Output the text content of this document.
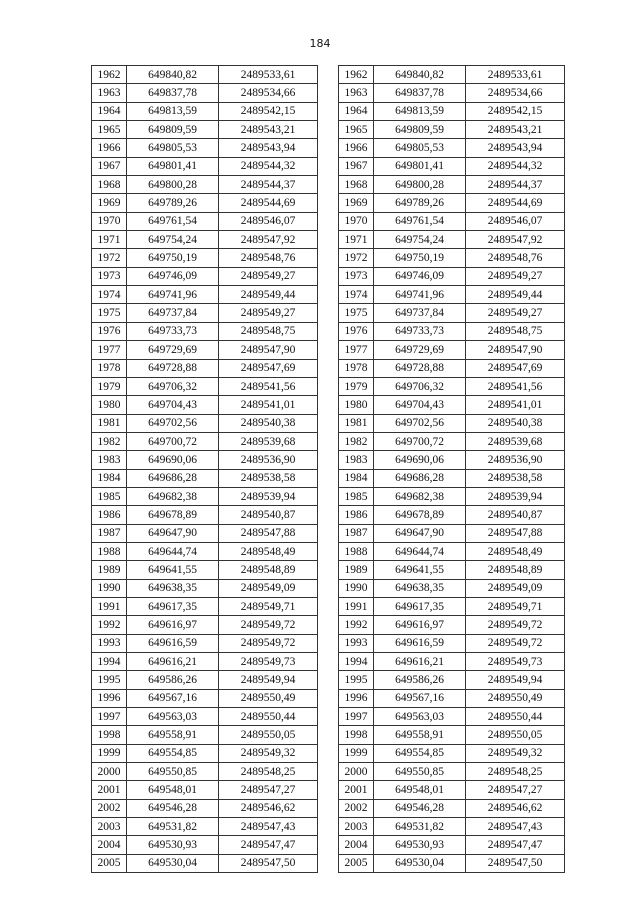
184
1962	649840,82	2489533,61
1963	649837,78	2489534,66
1964	649813,59	2489542,15
1965	649809,59	2489543,21
1966	649805,53	2489543,94
1967	649801,41	2489544,32
1968	649800,28	2489544,37
1969	649789,26	2489544,69
1970	649761,54	2489546,07
1971	649754,24	2489547,92
1972	649750,19	2489548,76
1973	649746,09	2489549,27
1974	649741,96	2489549,44
1975	649737,84	2489549,27
1976	649733,73	2489548,75
1977	649729,69	2489547,90
1978	649728,88	2489547,69
1979	649706,32	2489541,56
1980	649704,43	2489541,01
1981	649702,56	2489540,38
1982	649700,72	2489539,68
1983	649690,06	2489536,90
1984	649686,28	2489538,58
1985	649682,38	2489539,94
1986	649678,89	2489540,87
1987	649647,90	2489547,88
1988	649644,74	2489548,49
1989	649641,55	2489548,89
1990	649638,35	2489549,09
1991	649617,35	2489549,71
1992	649616,97	2489549,72
1993	649616,59	2489549,72
1994	649616,21	2489549,73
1995	649586,26	2489549,94
1996	649567,16	2489550,49
1997	649563,03	2489550,44
1998	649558,91	2489550,05
1999	649554,85	2489549,32
2000	649550,85	2489548,25
2001	649548,01	2489547,27
2002	649546,28	2489546,62
2003	649531,82	2489547,43
2004	649530,93	2489547,47
2005	649530,04	2489547,50
1962	649840,82	2489533,61
1963	649837,78	2489534,66
1964	649813,59	2489542,15
1965	649809,59	2489543,21
1966	649805,53	2489543,94
1967	649801,41	2489544,32
1968	649800,28	2489544,37
1969	649789,26	2489544,69
1970	649761,54	2489546,07
1971	649754,24	2489547,92
1972	649750,19	2489548,76
1973	649746,09	2489549,27
1974	649741,96	2489549,44
1975	649737,84	2489549,27
1976	649733,73	2489548,75
1977	649729,69	2489547,90
1978	649728,88	2489547,69
1979	649706,32	2489541,56
1980	649704,43	2489541,01
1981	649702,56	2489540,38
1982	649700,72	2489539,68
1983	649690,06	2489536,90
1984	649686,28	2489538,58
1985	649682,38	2489539,94
1986	649678,89	2489540,87
1987	649647,90	2489547,88
1988	649644,74	2489548,49
1989	649641,55	2489548,89
1990	649638,35	2489549,09
1991	649617,35	2489549,71
1992	649616,97	2489549,72
1993	649616,59	2489549,72
1994	649616,21	2489549,73
1995	649586,26	2489549,94
1996	649567,16	2489550,49
1997	649563,03	2489550,44
1998	649558,91	2489550,05
1999	649554,85	2489549,32
2000	649550,85	2489548,25
2001	649548,01	2489547,27
2002	649546,28	2489546,62
2003	649531,82	2489547,43
2004	649530,93	2489547,47
2005	649530,04	2489547,50
